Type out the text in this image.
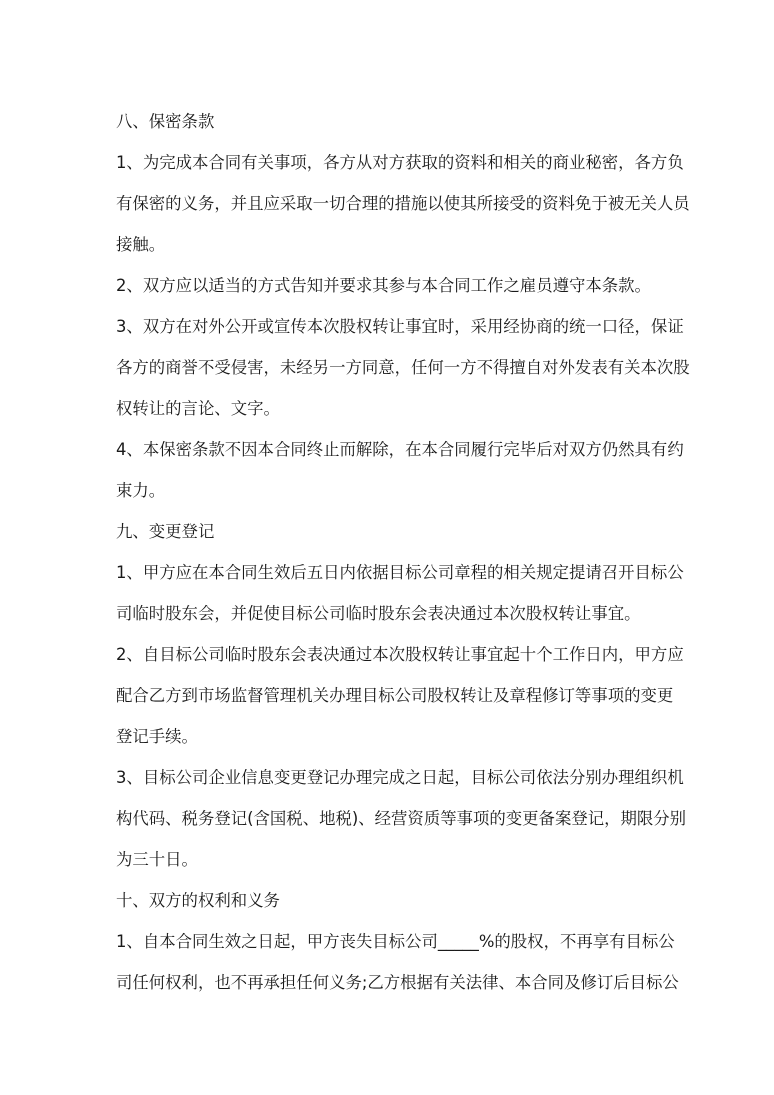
八、保密条款
1、为完成本合同有关事项，各方从对方获取的资料和相关的商业秘密，各方负
有保密的义务，并且应采取一切合理的措施以使其所接受的资料免于被无关人员
接触。
2、双方应以适当的方式告知并要求其参与本合同工作之雇员遵守本条款。
3、双方在对外公开或宣传本次股权转让事宜时，采用经协商的统一口径，保证
各方的商誉不受侵害，未经另一方同意，任何一方不得擅自对外发表有关本次股
权转让的言论、文字。
4、本保密条款不因本合同终止而解除，在本合同履行完毕后对双方仍然具有约
束力。
九、变更登记
1、甲方应在本合同生效后五日内依据目标公司章程的相关规定提请召开目标公
司临时股东会，并促使目标公司临时股东会表决通过本次股权转让事宜。
2、自目标公司临时股东会表决通过本次股权转让事宜起十个工作日内，甲方应
配合乙方到市场监督管理机关办理目标公司股权转让及章程修订等事项的变更
登记手续。
3、目标公司企业信息变更登记办理完成之日起，目标公司依法分别办理组织机
构代码、税务登记(含国税、地税)、经营资质等事项的变更备案登记，期限分别
为三十日。
十、双方的权利和义务
1、自本合同生效之日起，甲方丧失目标公司_____%的股权，不再享有目标公
司任何权利，也不再承担任何义务;乙方根据有关法律、本合同及修订后目标公
